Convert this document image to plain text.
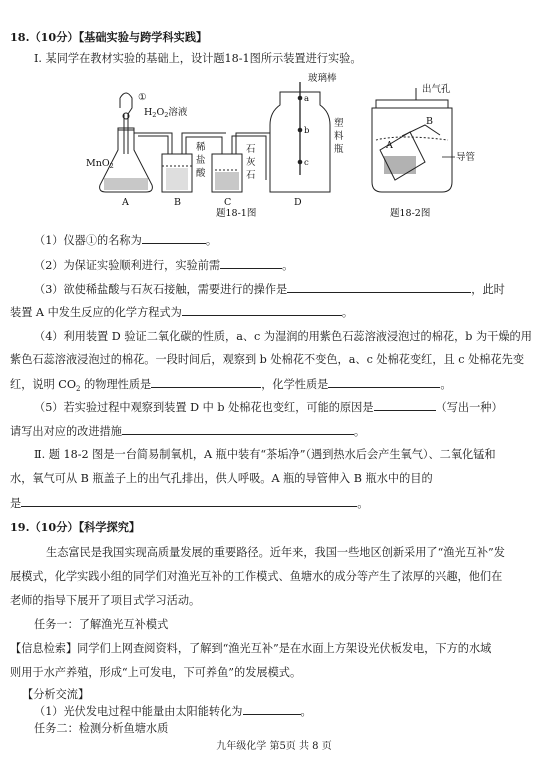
18.（10分）【基础实验与跨学科实践】
Ⅰ. 某同学在教材实验的基础上，设计题18-1图所示装置进行实验。
①
$H_2O_2$溶液
MnO$_2$
玻璃棒
稀
盐
酸
石
灰
石
塑
料
瓶
A	B	C	D
a
b
c
题18-1图
出气孔
B
A
导管
题18-2图
（1）仪器①的名称为	。
（2）为保证实验顺利进行，实验前需	。
（3）欲使稀盐酸与石灰石接触，需要进行的操作是	，此时
装置 A 中发生反应的化学方程式为	。
（4）利用装置 D 验证二氧化碳的性质，a、c 为湿润的用紫色石蕊溶液浸泡过的棉花，b 为干燥的用
紫色石蕊溶液浸泡过的棉花。一段时间后，观察到 b 处棉花不变色，a、c 处棉花变红，且 c 处棉花先变
红，说明 $CO_2$ 的物理性质是	，化学性质是	。
（5）若实验过程中观察到装置 D 中 b 处棉花也变红，可能的原因是	（写出一种）
请写出对应的改进措施	。
Ⅱ. 题 18-2 图是一台简易制氧机，A 瓶中装有“茶垢净”（遇到热水后会产生氧气）、二氧化锰和
水，氧气可从 B 瓶盖子上的出气孔排出，供人呼吸。A 瓶的导管伸入 B 瓶水中的目的
是	。
19.（10分）【科学探究】
生态富民是我国实现高质量发展的重要路径。近年来，我国一些地区创新采用了“渔光互补”发
展模式，化学实践小组的同学们对渔光互补的工作模式、鱼塘水的成分等产生了浓厚的兴趣，他们在
老师的指导下展开了项目式学习活动。
任务一：了解渔光互补模式
【信息检索】同学们上网查阅资料，了解到“渔光互补”是在水面上方架设光伏板发电，下方的水域
则用于水产养殖，形成“上可发电，下可养鱼”的发展模式。
【分析交流】
（1）光伏发电过程中能量由太阳能转化为	。
任务二：检测分析鱼塘水质
九年级化学 第5页 共 8 页
